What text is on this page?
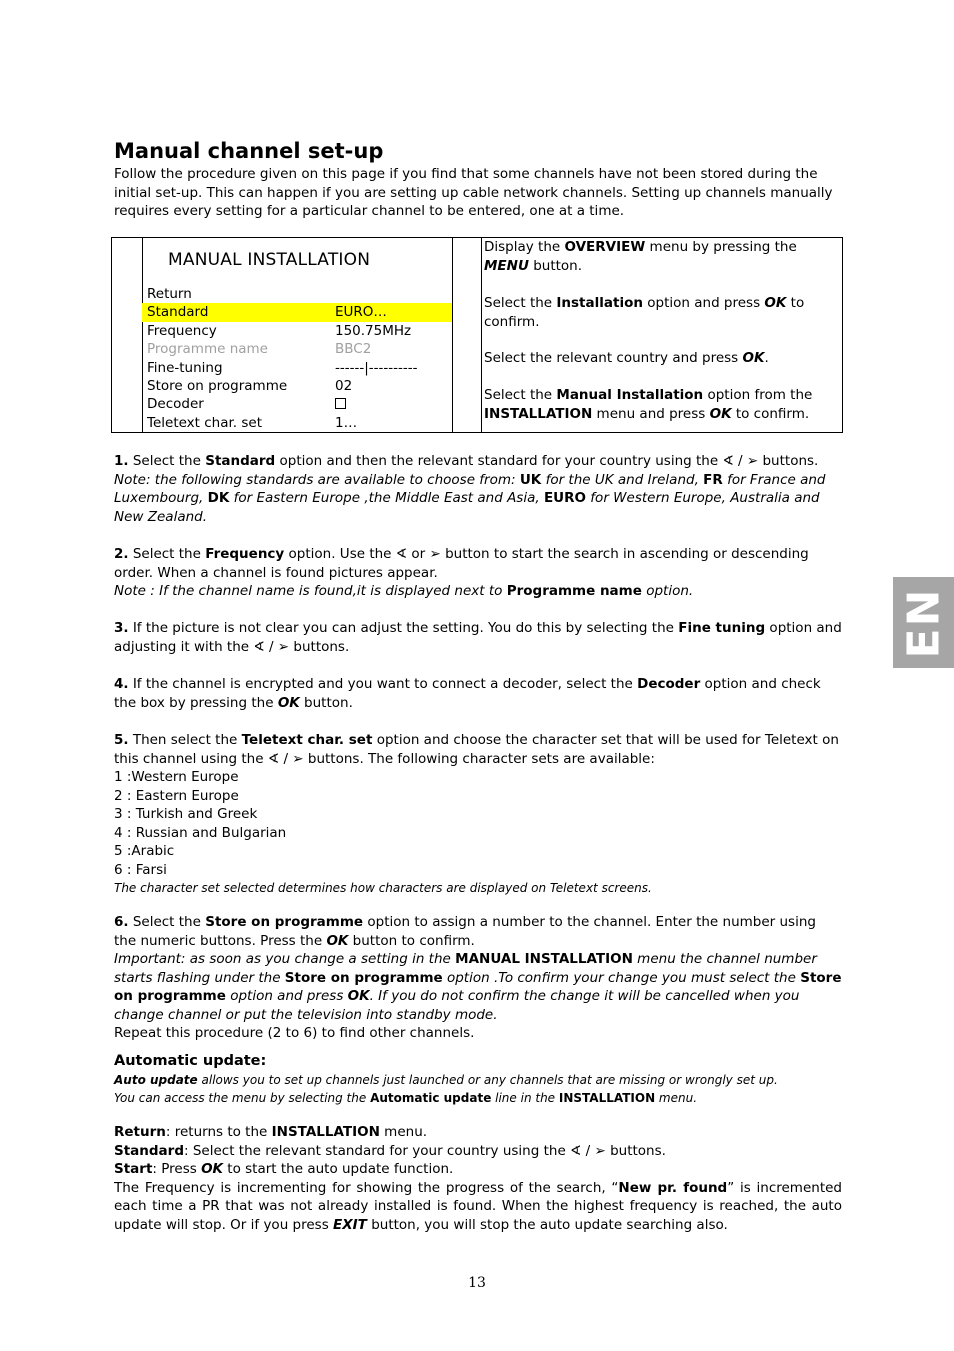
Manual channel set-up

Follow the procedure given on this page if you find that some channels have not been stored during the initial set-up. This can happen if you are setting up cable network channels. Setting up channels manually requires every setting for a particular channel to be entered, one at a time.

MANUAL INSTALLATION
Return
Standard	EURO…
Frequency	150.75MHz
Programme name	BBC2
Fine-tuning	------|----------
Store on programme	02
Decoder
Teletext char. set	1…
Display the OVERVIEW menu by pressing the
MENU button.
Select the Installation option and press OK to confirm.
Select the relevant country and press OK.
Select the Manual Installation option from the
INSTALLATION menu and press OK to confirm.

1. Select the Standard option and then the relevant standard for your country using the ∢ / ➢ buttons.

Note: the following standards are available to choose from: UK for the UK and Ireland, FR for France and Luxembourg, DK for Eastern Europe ,the Middle East and Asia, EURO for Western Europe, Australia and New Zealand.

2. Select the Frequency option. Use the ∢ or ➢ button to start the search in ascending or descending order. When a channel is found pictures appear.

Note : If the channel name is found,it is displayed next to Programme name option.

3. If the picture is not clear you can adjust the setting. You do this by selecting the Fine tuning option and adjusting it with the ∢ / ➢ buttons.

4. If the channel is encrypted and you want to connect a decoder, select the Decoder option and check the box by pressing the OK button.

5. Then select the Teletext char. set option and choose the character set that will be used for Teletext on this channel using the ∢ / ➢ buttons. The following character sets are available:

1 :Western Europe

2 : Eastern Europe

3 : Turkish and Greek

4 : Russian and Bulgarian

5 :Arabic

6 : Farsi

The character set selected determines how characters are displayed on Teletext screens.

6. Select the Store on programme option to assign a number to the channel. Enter the number using the numeric buttons. Press the OK button to confirm.

Important: as soon as you change a setting in the MANUAL INSTALLATION menu the channel number starts flashing under the Store on programme option .To confirm your change you must select the Store on programme option and press OK. If you do not confirm the change it will be cancelled when you change channel or put the television into standby mode.

Repeat this procedure (2 to 6) to find other channels.

Automatic update:

Auto update allows you to set up channels just launched or any channels that are missing or wrongly set up.

You can access the menu by selecting the Automatic update line in the INSTALLATION menu.

Return: returns to the INSTALLATION menu.

Standard: Select the relevant standard for your country using the ∢ / ➢ buttons.

Start: Press OK to start the auto update function.

The Frequency is incrementing for showing the progress of the search, “New pr. found” is incremented each time a PR that was not already installed is found. When the highest frequency is reached, the auto update will stop. Or if you press EXIT button, you will stop the auto update searching also.

EN
13
